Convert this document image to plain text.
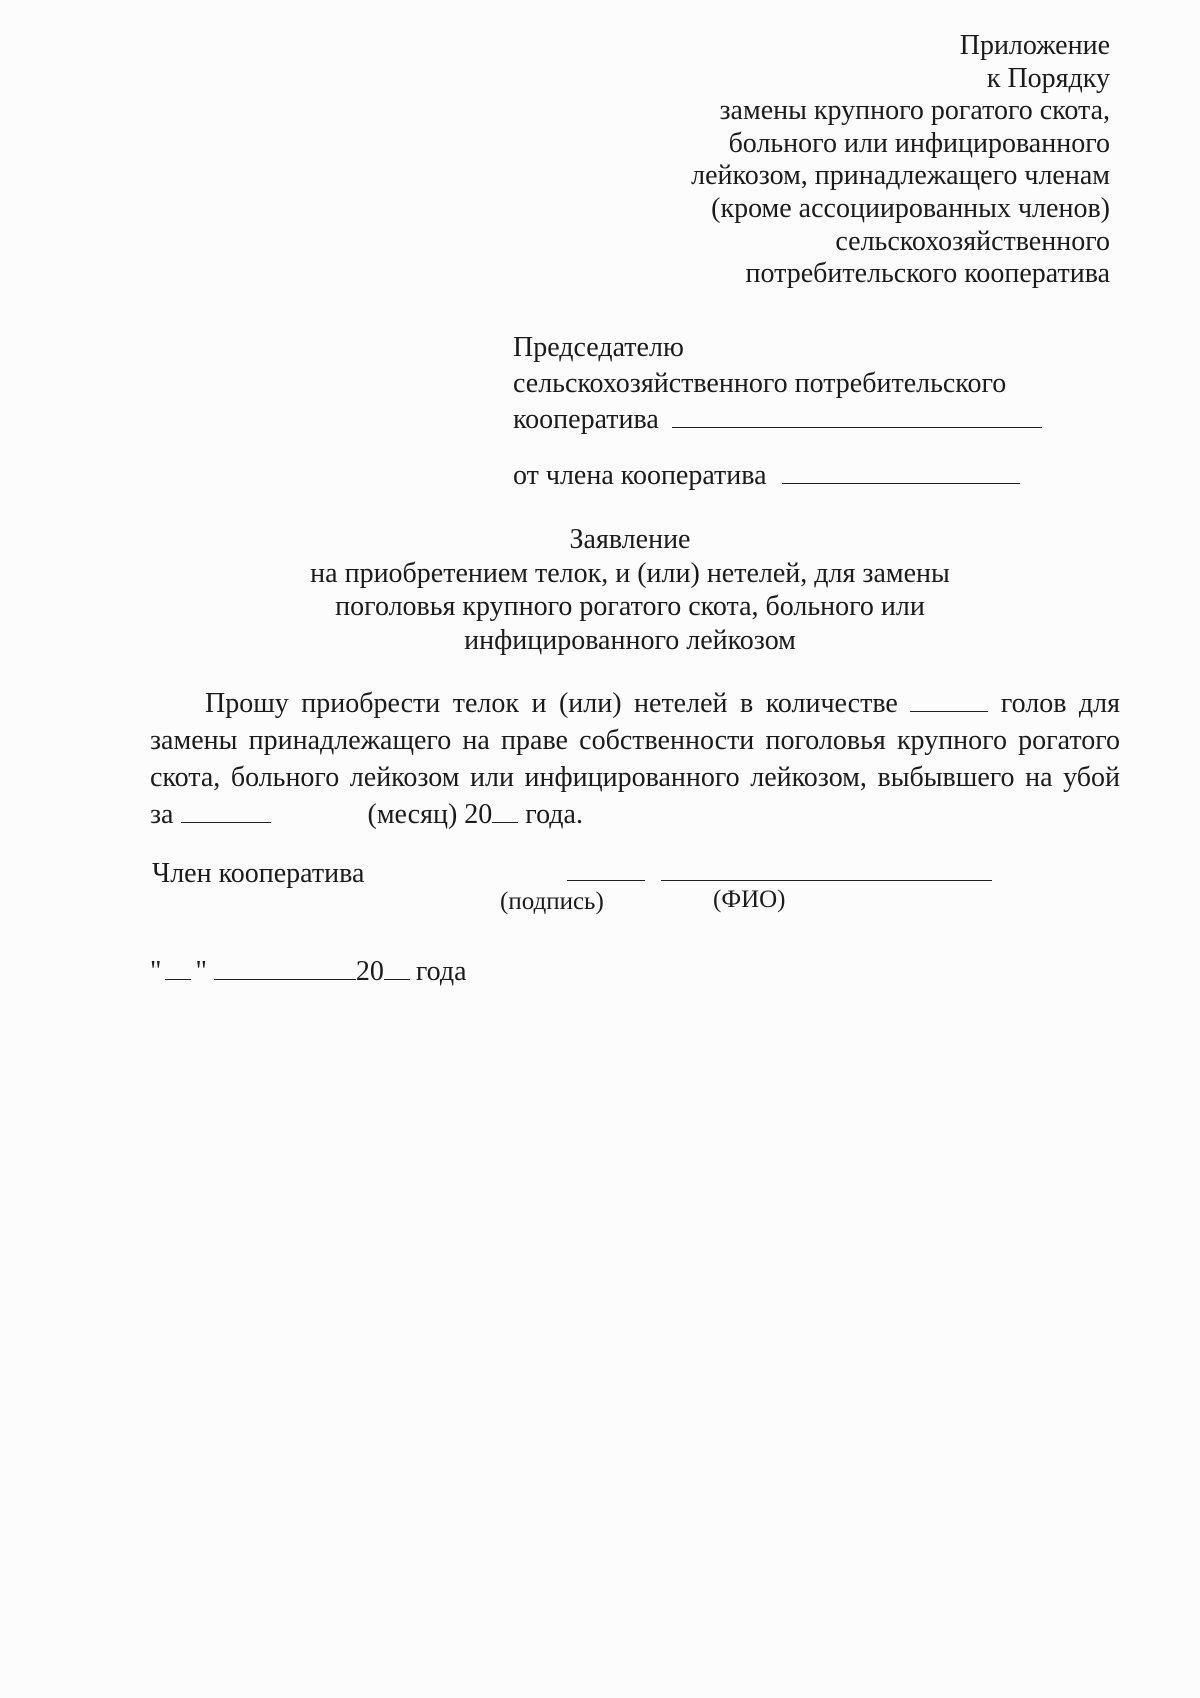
Приложение
к Порядку
замены крупного рогатого скота,
больного или инфицированного
лейкозом, принадлежащего членам
(кроме ассоциированных членов)
сельскохозяйственного
потребительского кооператива
Председателю
сельскохозяйственного потребительского
кооператива
от члена кооператива
Заявление
на приобретением телок, и (или) нетелей, для замены
поголовья крупного рогатого скота, больного или
инфицированного лейкозом
Прошу приобрести телок и (или) нетелей в количестве	голов для замены принадлежащего на праве собственности поголовья крупного рогатого скота, больного лейкозом или инфицированного лейкозом, выбывшего на убой за	(месяц) 20 года.
Член кооператива
(подпись)	(ФИО)
" "	20 года
